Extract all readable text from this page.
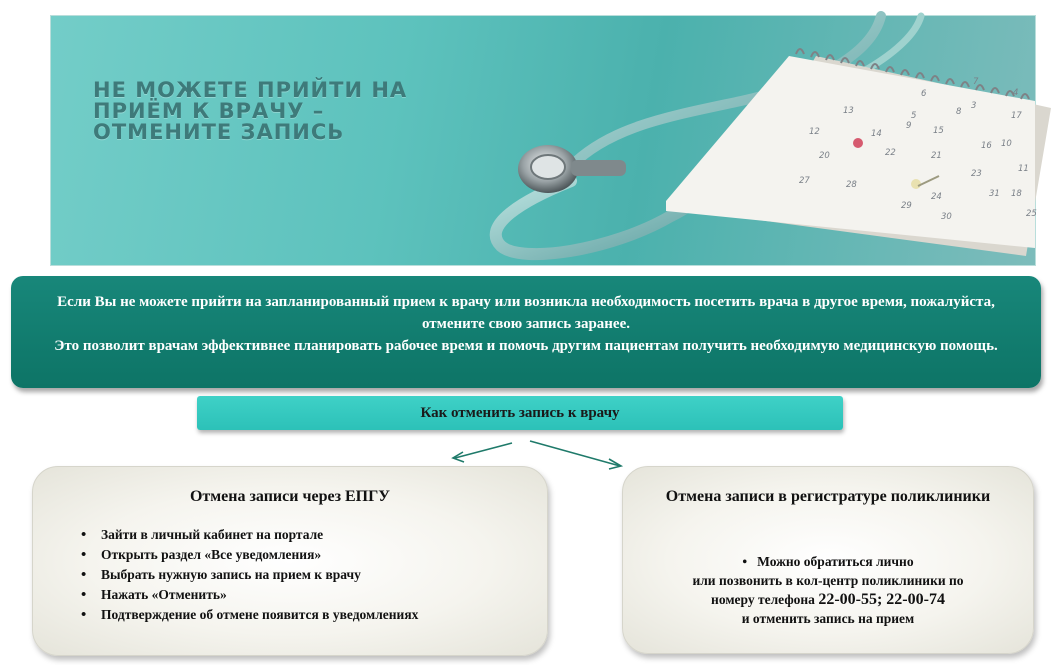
7
6
13
12	15
20	22
27	28
31
4
3
8
9
14
16
21
23
24
29
30
17
10
5
11
18
25
НЕ МОЖЕТЕ ПРИЙТИ НА
ПРИЁМ К ВРАЧУ –
ОТМЕНИТЕ ЗАПИСЬ

Если Вы не можете прийти на запланированный прием к врачу или возникла необходимость посетить врача в другое время, пожалуйста, отмените свою запись заранее.

Это позволит врачам эффективнее планировать рабочее время и помочь другим пациентам получить необходимую медицинскую помощь.

Как отменить запись к врачу
Отмена записи через ЕПГУ
• Зайти в личный кабинет на портале
• Открыть раздел «Все уведомления»
• Выбрать нужную запись на прием к врачу
• Нажать «Отменить»
• Подтверждение об отмене появится в уведомлениях
Отмена записи в регистратуре поликлиники
• Можно обратиться лично
или позвонить в кол-центр поликлиники по
номеру телефона 22-00-55; 22-00-74
и отменить запись на прием
